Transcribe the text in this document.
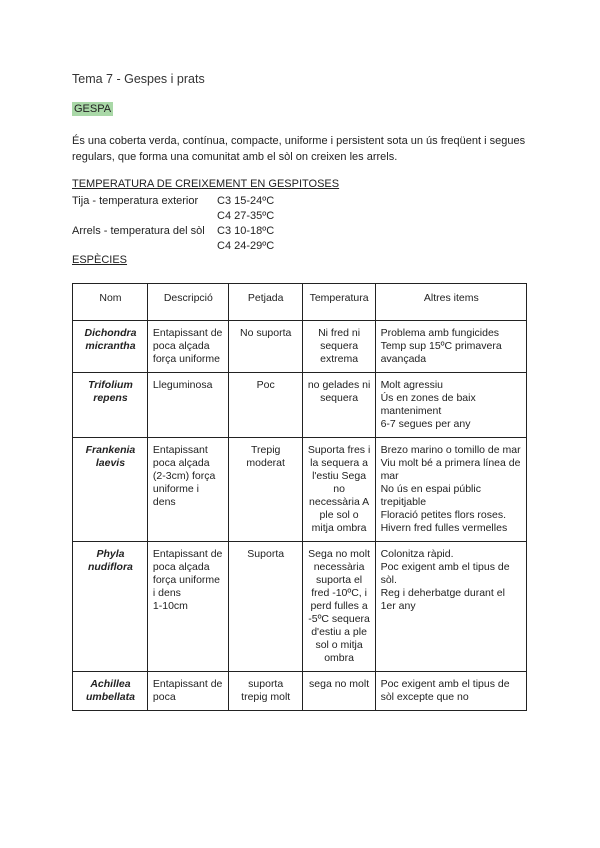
Tema 7 - Gespes i prats
GESPA
És una coberta verda, contínua, compacte, uniforme i persistent sota un ús freqüent i segues regulars, que forma una comunitat amb el sòl on creixen les arrels.
TEMPERATURA DE CREIXEMENT EN GESPITOSES
Tija - temperatura exterior	C3 15-24ºC
C4 27-35ºC
Arrels - temperatura del sòl	C3 10-18ºC
C4 24-29ºC
ESPÈCIES
Nom	Descripció	Petjada	Temperatura	Altres items
Dichondra micrantha	Entapissant de poca alçada força uniforme	No suporta	Ni fred ni sequera extrema	Problema amb fungicides
Temp sup 15ºC primavera avançada

Trifolium repens	Lleguminosa	Poc	no gelades ni sequera	Molt agressiu
Ús en zones de baix manteniment
6-7 segues per any

Frankenia laevis	Entapissant poca alçada (2-3cm) força uniforme i dens	Trepig moderat	Suporta fres i la sequera a l'estiu Sega no necessària A ple sol o mitja ombra	Brezo marino o tomillo de mar
Viu molt bé a primera línea de mar
No ús en espai públic trepitjable
Floració petites flors roses.
Hivern fred fulles vermelles

Phyla nudiflora	Entapissant de poca alçada força uniforme i dens
1-10cm	Suporta	Sega no molt necessària suporta el fred -10ºC, i perd fulles a -5ºC sequera d'estiu a ple sol o mitja ombra	Colonitza ràpid.
Poc exigent amb el tipus de sòl.
Reg i deherbatge durant el 1er any

Achillea umbellata	Entapissant de poca	suporta trepig molt	sega no molt	Poc exigent amb el tipus de sòl excepte que no
